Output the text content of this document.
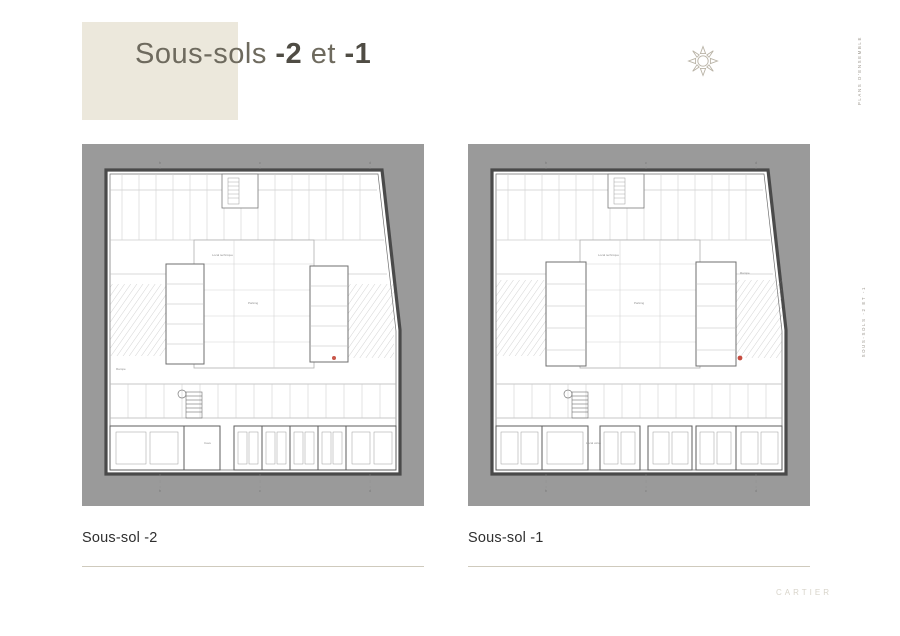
Sous-sols -2 et -1	PLANS D'ENSEMBLE
SOUS-SOLS -2 ET -1
b	c	d
b	c	d
Local technique
Parking
Rampe
Cave
b	c	d
b	c	d
Local technique
Parking
Rampe
Local vélos
Sous-sol -2	Sous-sol -1
CARTIER
